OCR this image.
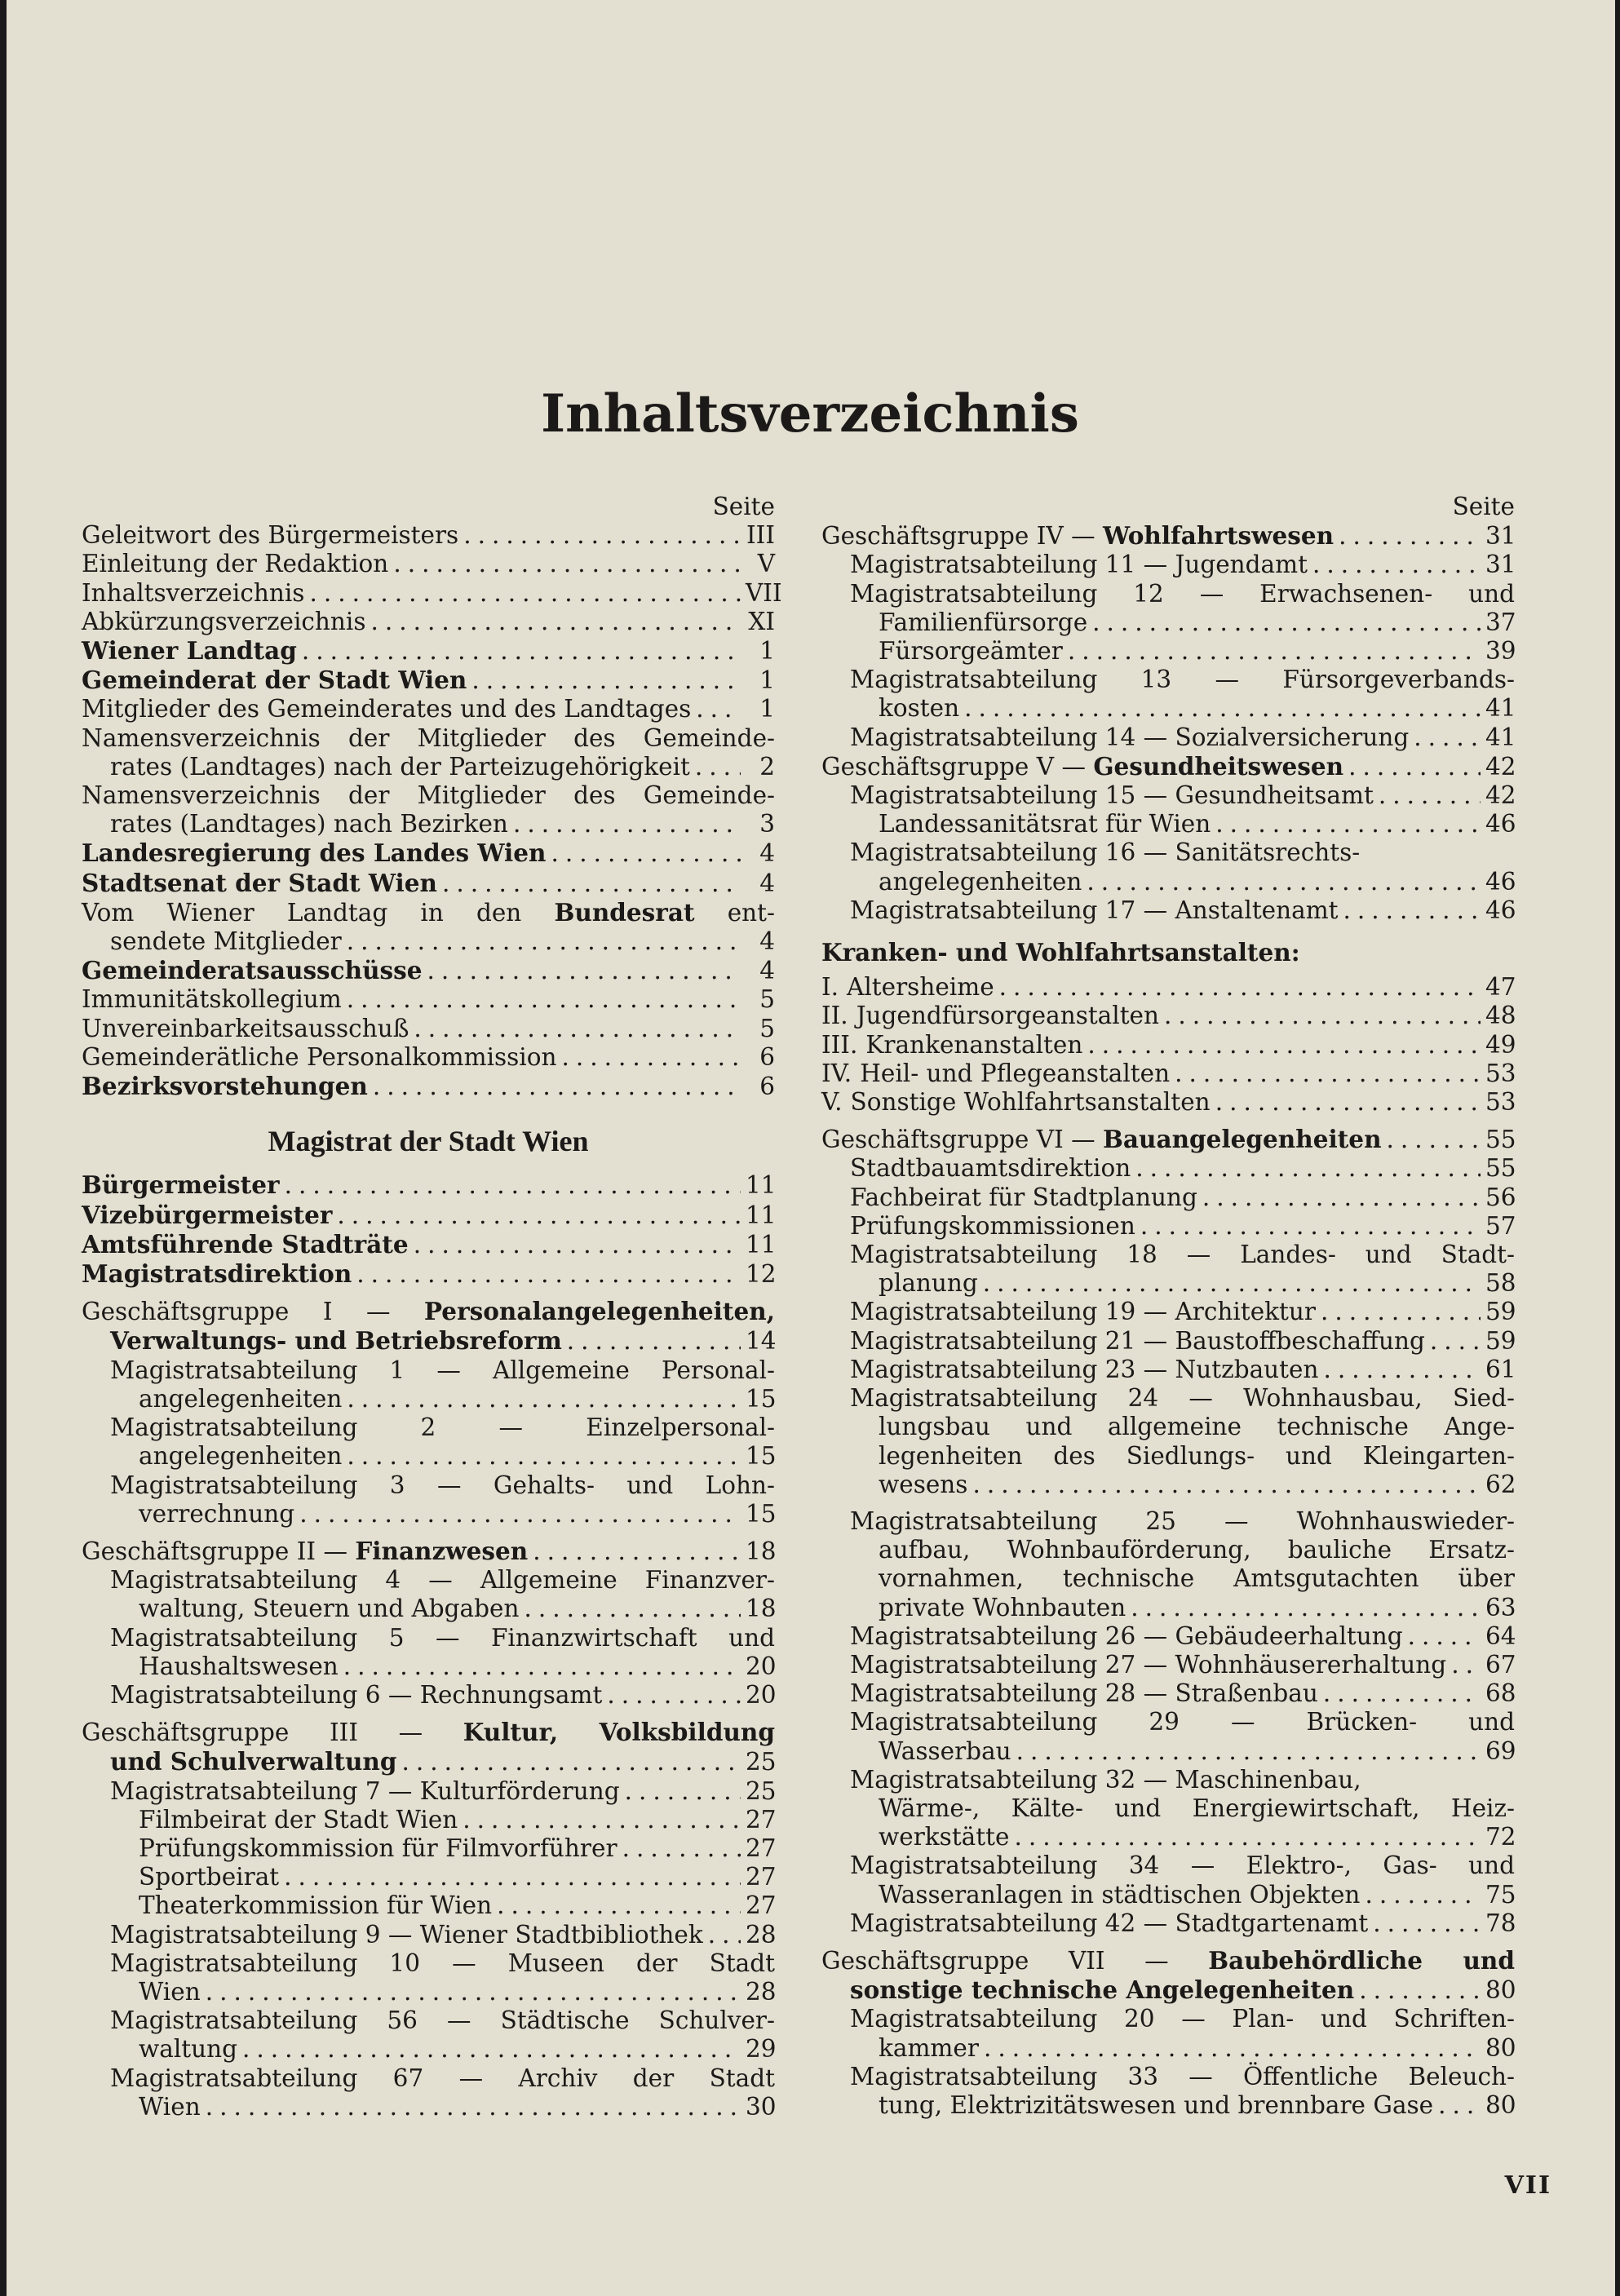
Inhaltsverzeichnis
Seite
Geleitwort des Bürgermeisters .....	III
Einleitung der Redaktion .....	V
Inhaltsverzeichnis .....	VII
Abkürzungsverzeichnis .....	XI
Wiener Landtag .....	1
Gemeinderat der Stadt Wien .....	1
Mitglieder des Gemeinderates und des Landtages .....	1
Namensverzeichnis der Mitglieder des Gemeinde-
rates (Landtages) nach der Parteizugehörigkeit .....	2
Namensverzeichnis der Mitglieder des Gemeinde-
rates (Landtages) nach Bezirken .....	3
Landesregierung des Landes Wien .....	4
Stadtsenat der Stadt Wien .....	4
Vom Wiener Landtag in den Bundesrat ent-
sendete Mitglieder .....	4
Gemeinderatsausschüsse .....	4
Immunitätskollegium .....	5
Unvereinbarkeitsausschuß .....	5
Gemeinderätliche Personalkommission .....	6
Bezirksvorstehungen .....	6
Magistrat der Stadt Wien
Bürgermeister .....	11
Vizebürgermeister .....	11
Amtsführende Stadträte .....	11
Magistratsdirektion .....	12
Geschäftsgruppe I — Personalangelegenheiten,
Verwaltungs- und Betriebsreform .....	14
Magistratsabteilung 1 — Allgemeine Personal-
angelegenheiten .....	15
Magistratsabteilung 2 — Einzelpersonal-
angelegenheiten .....	15
Magistratsabteilung 3 — Gehalts- und Lohn-
verrechnung .....	15
Geschäftsgruppe II — Finanzwesen .....	18
Magistratsabteilung 4 — Allgemeine Finanzver-
waltung, Steuern und Abgaben .....	18
Magistratsabteilung 5 — Finanzwirtschaft und
Haushaltswesen .....	20
Magistratsabteilung 6 — Rechnungsamt .....	20
Geschäftsgruppe III — Kultur, Volksbildung
und Schulverwaltung .....	25
Magistratsabteilung 7 — Kulturförderung .....	25
Filmbeirat der Stadt Wien .....	27
Prüfungskommission für Filmvorführer .....	27
Sportbeirat .....	27
Theaterkommission für Wien .....	27
Magistratsabteilung 9 — Wiener Stadtbibliothek ..... 28
Magistratsabteilung 10 — Museen der Stadt
Wien .....	28
Magistratsabteilung 56 — Städtische Schulver-
waltung .....	29
Magistratsabteilung 67 — Archiv der Stadt
Wien .....	30
Seite
Geschäftsgruppe IV — Wohlfahrtswesen .....	31
Magistratsabteilung 11 — Jugendamt .....	31
Magistratsabteilung 12 — Erwachsenen- und
Familienfürsorge .....	37
Fürsorgeämter .....	39
Magistratsabteilung 13 — Fürsorgeverbands-
kosten .....	41
Magistratsabteilung 14 — Sozialversicherung .....	41
Geschäftsgruppe V — Gesundheitswesen .....	42
Magistratsabteilung 15 — Gesundheitsamt .....	42
Landessanitätsrat für Wien .....	46
Magistratsabteilung 16 — Sanitätsrechts-
angelegenheiten .....	46
Magistratsabteilung 17 — Anstaltenamt .....	46
Kranken- und Wohlfahrtsanstalten:
I. Altersheime .....	47
II. Jugendfürsorgeanstalten .....	48
III. Krankenanstalten .....	49
IV. Heil- und Pflegeanstalten .....	53
V. Sonstige Wohlfahrtsanstalten .....	53
Geschäftsgruppe VI — Bauangelegenheiten .....	55
Stadtbauamtsdirektion .....	55
Fachbeirat für Stadtplanung .....	56
Prüfungskommissionen .....	57
Magistratsabteilung 18 — Landes- und Stadt-
planung .....	58
Magistratsabteilung 19 — Architektur .....	59
Magistratsabteilung 21 — Baustoffbeschaffung .....	59
Magistratsabteilung 23 — Nutzbauten .....	61
Magistratsabteilung 24 — Wohnhausbau, Sied-
lungsbau und allgemeine technische Ange-
legenheiten des Siedlungs- und Kleingarten-
wesens .....	62
Magistratsabteilung 25 — Wohnhauswieder-
aufbau, Wohnbauförderung, bauliche Ersatz-
vornahmen, technische Amtsgutachten über
private Wohnbauten .....	63
Magistratsabteilung 26 — Gebäudeerhaltung .....	64
Magistratsabteilung 27 — Wohnhäusererhaltung ..... 67
Magistratsabteilung 28 — Straßenbau .....	68
Magistratsabteilung 29 — Brücken- und
Wasserbau .....	69
Magistratsabteilung 32 — Maschinenbau,
Wärme-, Kälte- und Energiewirtschaft, Heiz-
werkstätte .....	72
Magistratsabteilung 34 — Elektro-, Gas- und
Wasseranlagen in städtischen Objekten .....	75
Magistratsabteilung 42 — Stadtgartenamt .....	78
Geschäftsgruppe VII — Baubehördliche und
sonstige technische Angelegenheiten .....	80
Magistratsabteilung 20 — Plan- und Schriften-
kammer .....	80
Magistratsabteilung 33 — Öffentliche Beleuch-
tung, Elektrizitätswesen und brennbare Gase ..... 80
VII
